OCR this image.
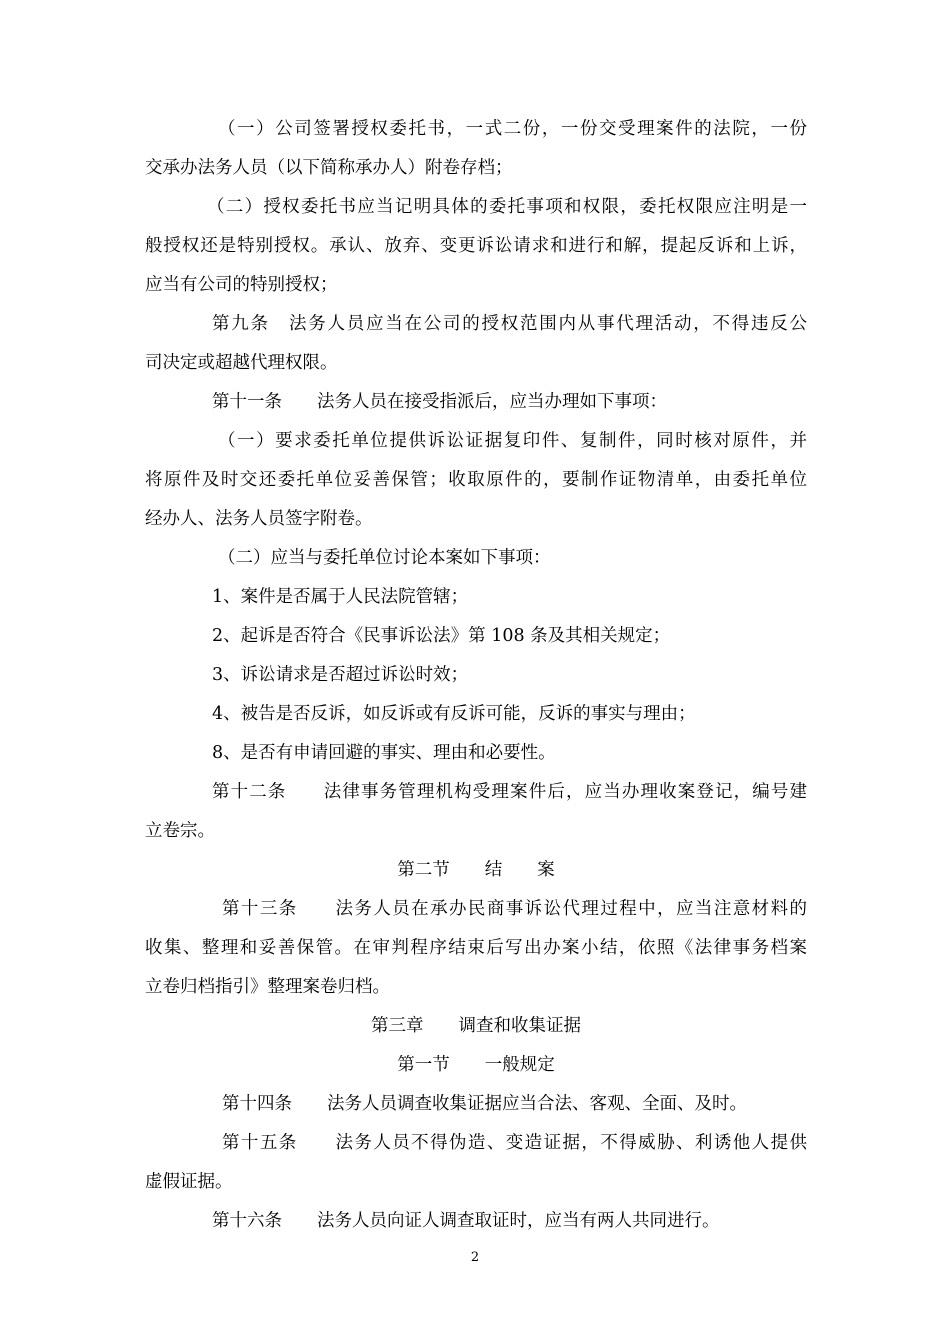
（一）公司签署授权委托书，一式二份，一份交受理案件的法院，一份
交承办法务人员（以下简称承办人）附卷存档；
（二）授权委托书应当记明具体的委托事项和权限，委托权限应注明是一
般授权还是特别授权。承认、放弃、变更诉讼请求和进行和解，提起反诉和上诉，
应当有公司的特别授权；
第九条　法务人员应当在公司的授权范围内从事代理活动，不得违反公
司决定或超越代理权限。
第十一条　　法务人员在接受指派后，应当办理如下事项：
（一）要求委托单位提供诉讼证据复印件、复制件，同时核对原件，并
将原件及时交还委托单位妥善保管；收取原件的，要制作证物清单，由委托单位
经办人、法务人员签字附卷。
（二）应当与委托单位讨论本案如下事项：
1、案件是否属于人民法院管辖；
2、起诉是否符合《民事诉讼法》第 108 条及其相关规定；
3、诉讼请求是否超过诉讼时效；
4、被告是否反诉，如反诉或有反诉可能，反诉的事实与理由；
8、是否有申请回避的事实、理由和必要性。
第十二条　　法律事务管理机构受理案件后，应当办理收案登记，编号建
立卷宗。
第二节　　结　　案
第十三条　　法务人员在承办民商事诉讼代理过程中，应当注意材料的
收集、整理和妥善保管。在审判程序结束后写出办案小结，依照《法律事务档案
立卷归档指引》整理案卷归档。
第三章　　调查和收集证据
第一节　　一般规定
第十四条　　法务人员调查收集证据应当合法、客观、全面、及时。
第十五条　　法务人员不得伪造、变造证据，不得威胁、利诱他人提供
虚假证据。
第十六条　　法务人员向证人调查取证时，应当有两人共同进行。
2
